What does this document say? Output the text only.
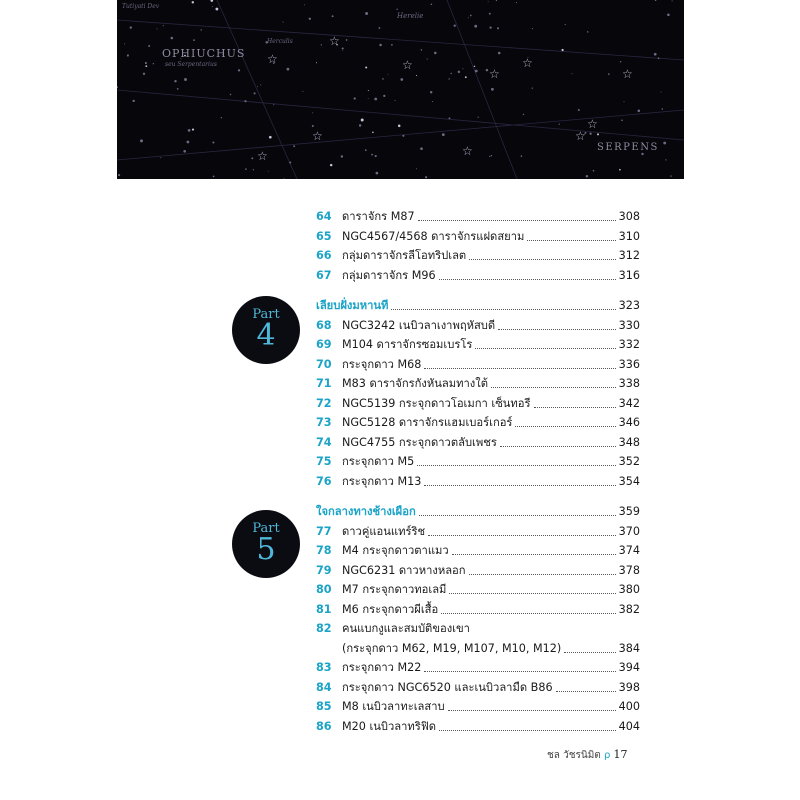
☆	☆	☆
☆	☆
☆
☆
☆
☆
☆
☆
OPHIUCHUS
SERPENS
Tutiyati Dev
Herelie
seu Serpentarius
Herculis
Part
4
Part
5
64 ดาราจักร M87	308
65 NGC4567/4568 ดาราจักรแฝดสยาม	310
66 กลุ่มดาราจักรลีโอทริปเลต	312
67 กลุ่มดาราจักร M96	316
เลียบฝั่งมหานที	323
68 NGC3242 เนบิวลาเงาพฤหัสบดี	330
69 M104 ดาราจักรซอมเบรโร	332
70 กระจุกดาว M68	336
71 M83 ดาราจักรกังหันลมทางใต้	338
72 NGC5139 กระจุกดาวโอเมกา เซ็นทอรี	342
73 NGC5128 ดาราจักรแฮมเบอร์เกอร์	346
74 NGC4755 กระจุกดาวตลับเพชร	348
75 กระจุกดาว M5	352
76 กระจุกดาว M13	354
ใจกลางทางช้างเผือก	359
77 ดาวคู่แอนแทร์ริช	370
78 M4 กระจุกดาวตาแมว	374
79 NGC6231 ดาวหางหลอก	378
80 M7 กระจุกดาวทอเลมี	380
81 M6 กระจุกดาวผีเสื้อ	382
82 คนแบกงูและสมบัติของเขา
(กระจุกดาว M62, M19, M107, M10, M12)	384
83 กระจุกดาว M22	394
84 กระจุกดาว NGC6520 และเนบิวลามืด B86	398
85 M8 เนบิวลาทะเลสาบ	400
86 M20 เนบิวลาทริฟิด	404
ชล วัชรนิมิต ρ 17
